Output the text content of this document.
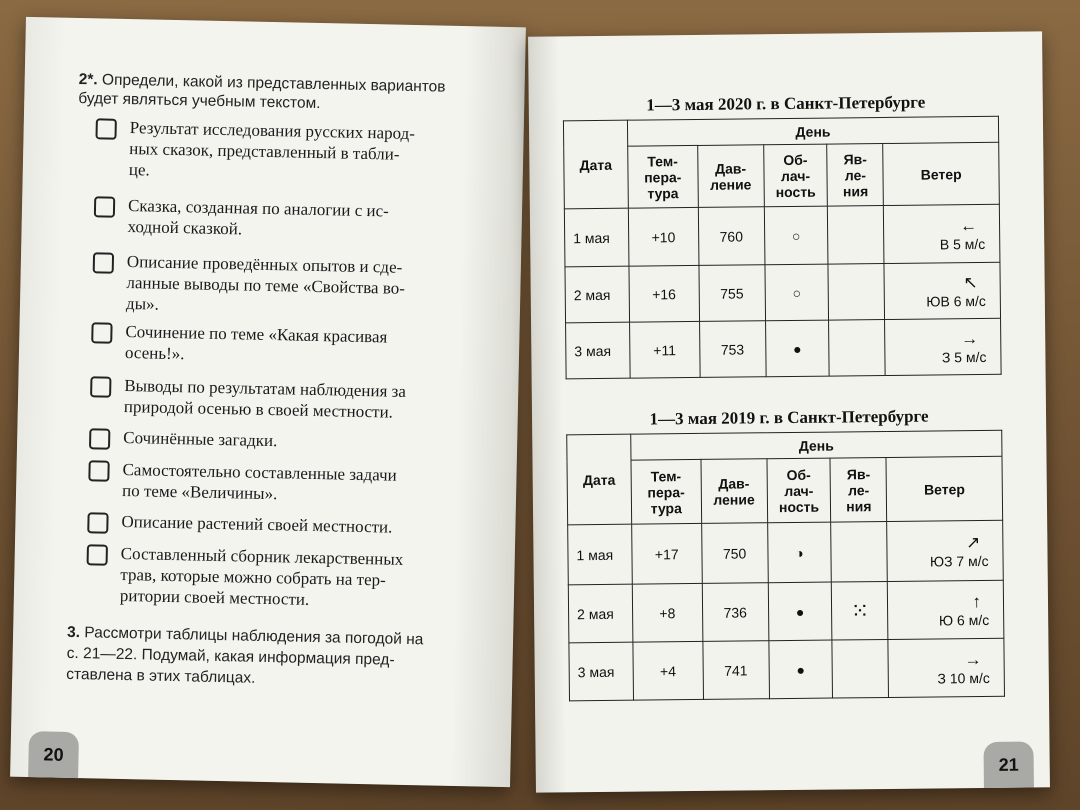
2*. Определи, какой из представленных вариантов
будет являться учебным текстом.
Результат исследования русских народ-
ных сказок, представленный в табли-
це.
Сказка, созданная по аналогии с ис-
ходной сказкой.
Описание проведённых опытов и сде-
ланные выводы по теме «Свойства во-
ды».
Сочинение по теме «Какая красивая
осень!».
Выводы по результатам наблюдения за
природой осенью в своей местности.
Сочинённые загадки.
Самостоятельно составленные задачи
по теме «Величины».
Описание растений своей местности.
Составленный сборник лекарственных
трав, которые можно собрать на тер-
ритории своей местности.
3. Рассмотри таблицы наблюдения за погодой на
с. 21—22. Подумай, какая информация пред-
ставлена в этих таблицах.
20
1—3 мая 2020 г. в Санкт-Петербурге
Дата	День				
	Тем-
пера-
тура	Дав-
ление	Об-
лач-
ность	Яв-
ле-
ния	Ветер
1 мая	+10	760	○		←
В 5 м/с

2 мая	+16	755	○		↖
ЮВ 6 м/с

3 мая	+11	753	●		→
З 5 м/с
1—3 мая 2019 г. в Санкт-Петербурге
Дата	День				
	Тем-
пера-
тура	Дав-
ление	Об-
лач-
ность	Яв-
ле-
ния	Ветер
1 мая	+17	750	◑		↗
ЮЗ 7 м/с

2 мая	+8	736	●	⁙	↑
Ю 6 м/с

3 мая	+4	741	●		→
З 10 м/с
21
